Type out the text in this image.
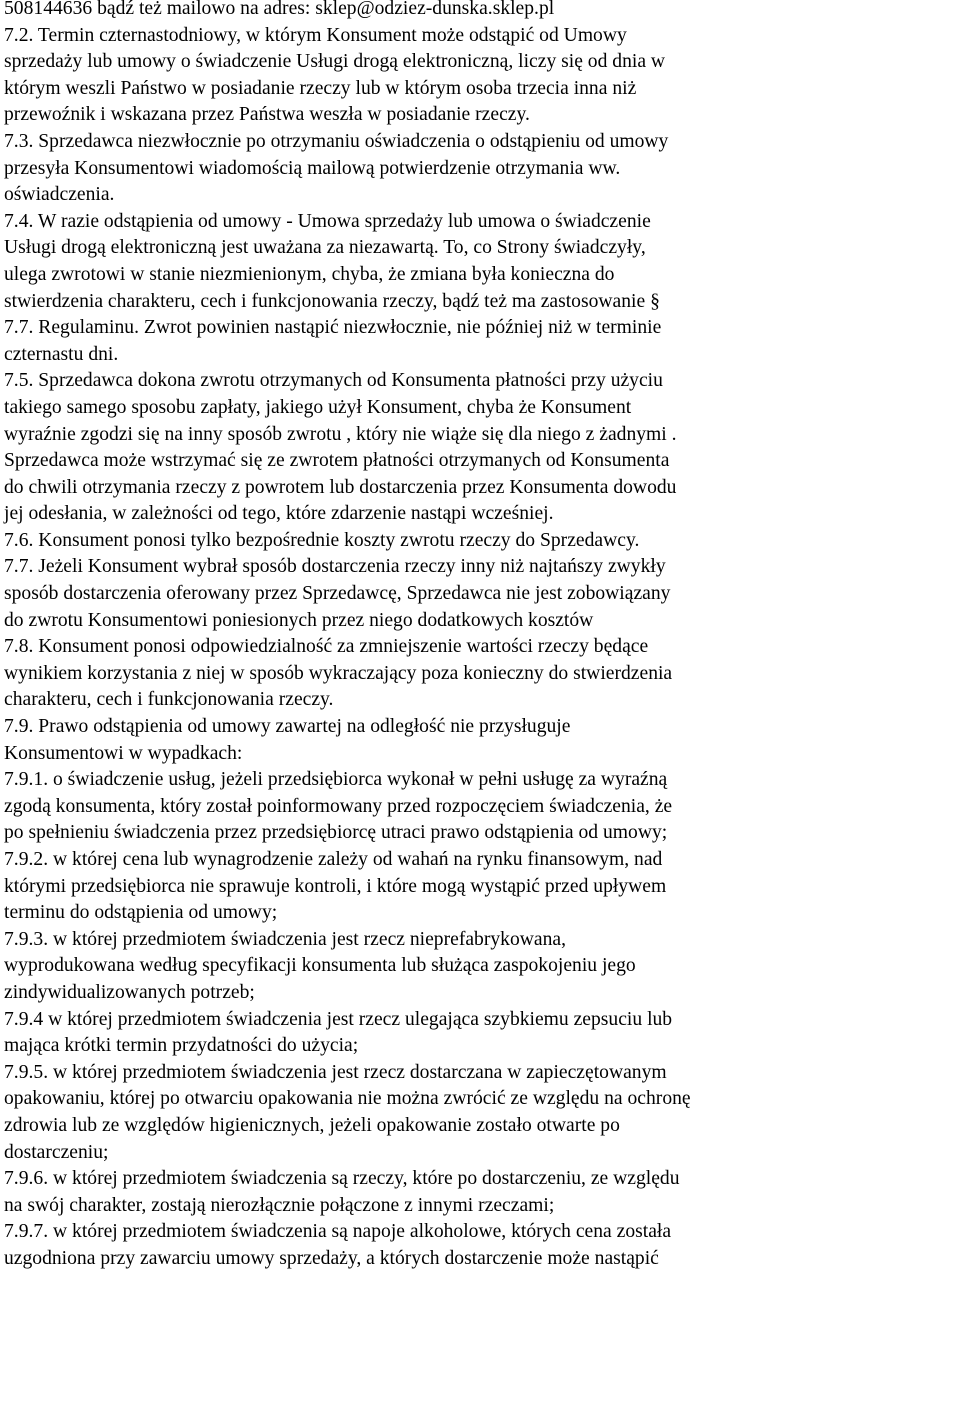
508144636 bądź też mailowo na adres: sklep@odziez-dunska.sklep.pl
7.2. Termin czternastodniowy, w którym Konsument może odstąpić od Umowy
sprzedaży lub umowy o świadczenie Usługi drogą elektroniczną, liczy się od dnia w
którym weszli Państwo w posiadanie rzeczy lub w którym osoba trzecia inna niż
przewoźnik i wskazana przez Państwa weszła w posiadanie rzeczy.
7.3. Sprzedawca niezwłocznie po otrzymaniu oświadczenia o odstąpieniu od umowy
przesyła Konsumentowi wiadomością mailową potwierdzenie otrzymania ww.
oświadczenia.
7.4. W razie odstąpienia od umowy - Umowa sprzedaży lub umowa o świadczenie
Usługi drogą elektroniczną jest uważana za niezawartą. To, co Strony świadczyły,
ulega zwrotowi w stanie niezmienionym, chyba, że zmiana była konieczna do
stwierdzenia charakteru, cech i funkcjonowania rzeczy, bądź też ma zastosowanie §
7.7. Regulaminu. Zwrot powinien nastąpić niezwłocznie, nie później niż w terminie
czternastu dni.
7.5. Sprzedawca dokona zwrotu otrzymanych od Konsumenta płatności przy użyciu
takiego samego sposobu zapłaty, jakiego użył Konsument, chyba że Konsument
wyraźnie zgodzi się na inny sposób zwrotu , który nie wiąże się dla niego z żadnymi .
Sprzedawca może wstrzymać się ze zwrotem płatności otrzymanych od Konsumenta
do chwili otrzymania rzeczy z powrotem lub dostarczenia przez Konsumenta dowodu
jej odesłania, w zależności od tego, które zdarzenie nastąpi wcześniej.
7.6. Konsument ponosi tylko bezpośrednie koszty zwrotu rzeczy do Sprzedawcy.
7.7. Jeżeli Konsument wybrał sposób dostarczenia rzeczy inny niż najtańszy zwykły
sposób dostarczenia oferowany przez Sprzedawcę, Sprzedawca nie jest zobowiązany
do zwrotu Konsumentowi poniesionych przez niego dodatkowych kosztów
7.8. Konsument ponosi odpowiedzialność za zmniejszenie wartości rzeczy będące
wynikiem korzystania z niej w sposób wykraczający poza konieczny do stwierdzenia
charakteru, cech i funkcjonowania rzeczy.
7.9. Prawo odstąpienia od umowy zawartej na odległość nie przysługuje
Konsumentowi w wypadkach:
7.9.1. o świadczenie usług, jeżeli przedsiębiorca wykonał w pełni usługę za wyraźną
zgodą konsumenta, który został poinformowany przed rozpoczęciem świadczenia, że
po spełnieniu świadczenia przez przedsiębiorcę utraci prawo odstąpienia od umowy;
7.9.2. w której cena lub wynagrodzenie zależy od wahań na rynku finansowym, nad
którymi przedsiębiorca nie sprawuje kontroli, i które mogą wystąpić przed upływem
terminu do odstąpienia od umowy;
7.9.3. w której przedmiotem świadczenia jest rzecz nieprefabrykowana,
wyprodukowana według specyfikacji konsumenta lub służąca zaspokojeniu jego
zindywidualizowanych potrzeb;
7.9.4 w której przedmiotem świadczenia jest rzecz ulegająca szybkiemu zepsuciu lub
mająca krótki termin przydatności do użycia;
7.9.5. w której przedmiotem świadczenia jest rzecz dostarczana w zapieczętowanym
opakowaniu, której po otwarciu opakowania nie można zwrócić ze względu na ochronę
zdrowia lub ze względów higienicznych, jeżeli opakowanie zostało otwarte po
dostarczeniu;
7.9.6. w której przedmiotem świadczenia są rzeczy, które po dostarczeniu, ze względu
na swój charakter, zostają nierozłącznie połączone z innymi rzeczami;
7.9.7. w której przedmiotem świadczenia są napoje alkoholowe, których cena została
uzgodniona przy zawarciu umowy sprzedaży, a których dostarczenie może nastąpić
